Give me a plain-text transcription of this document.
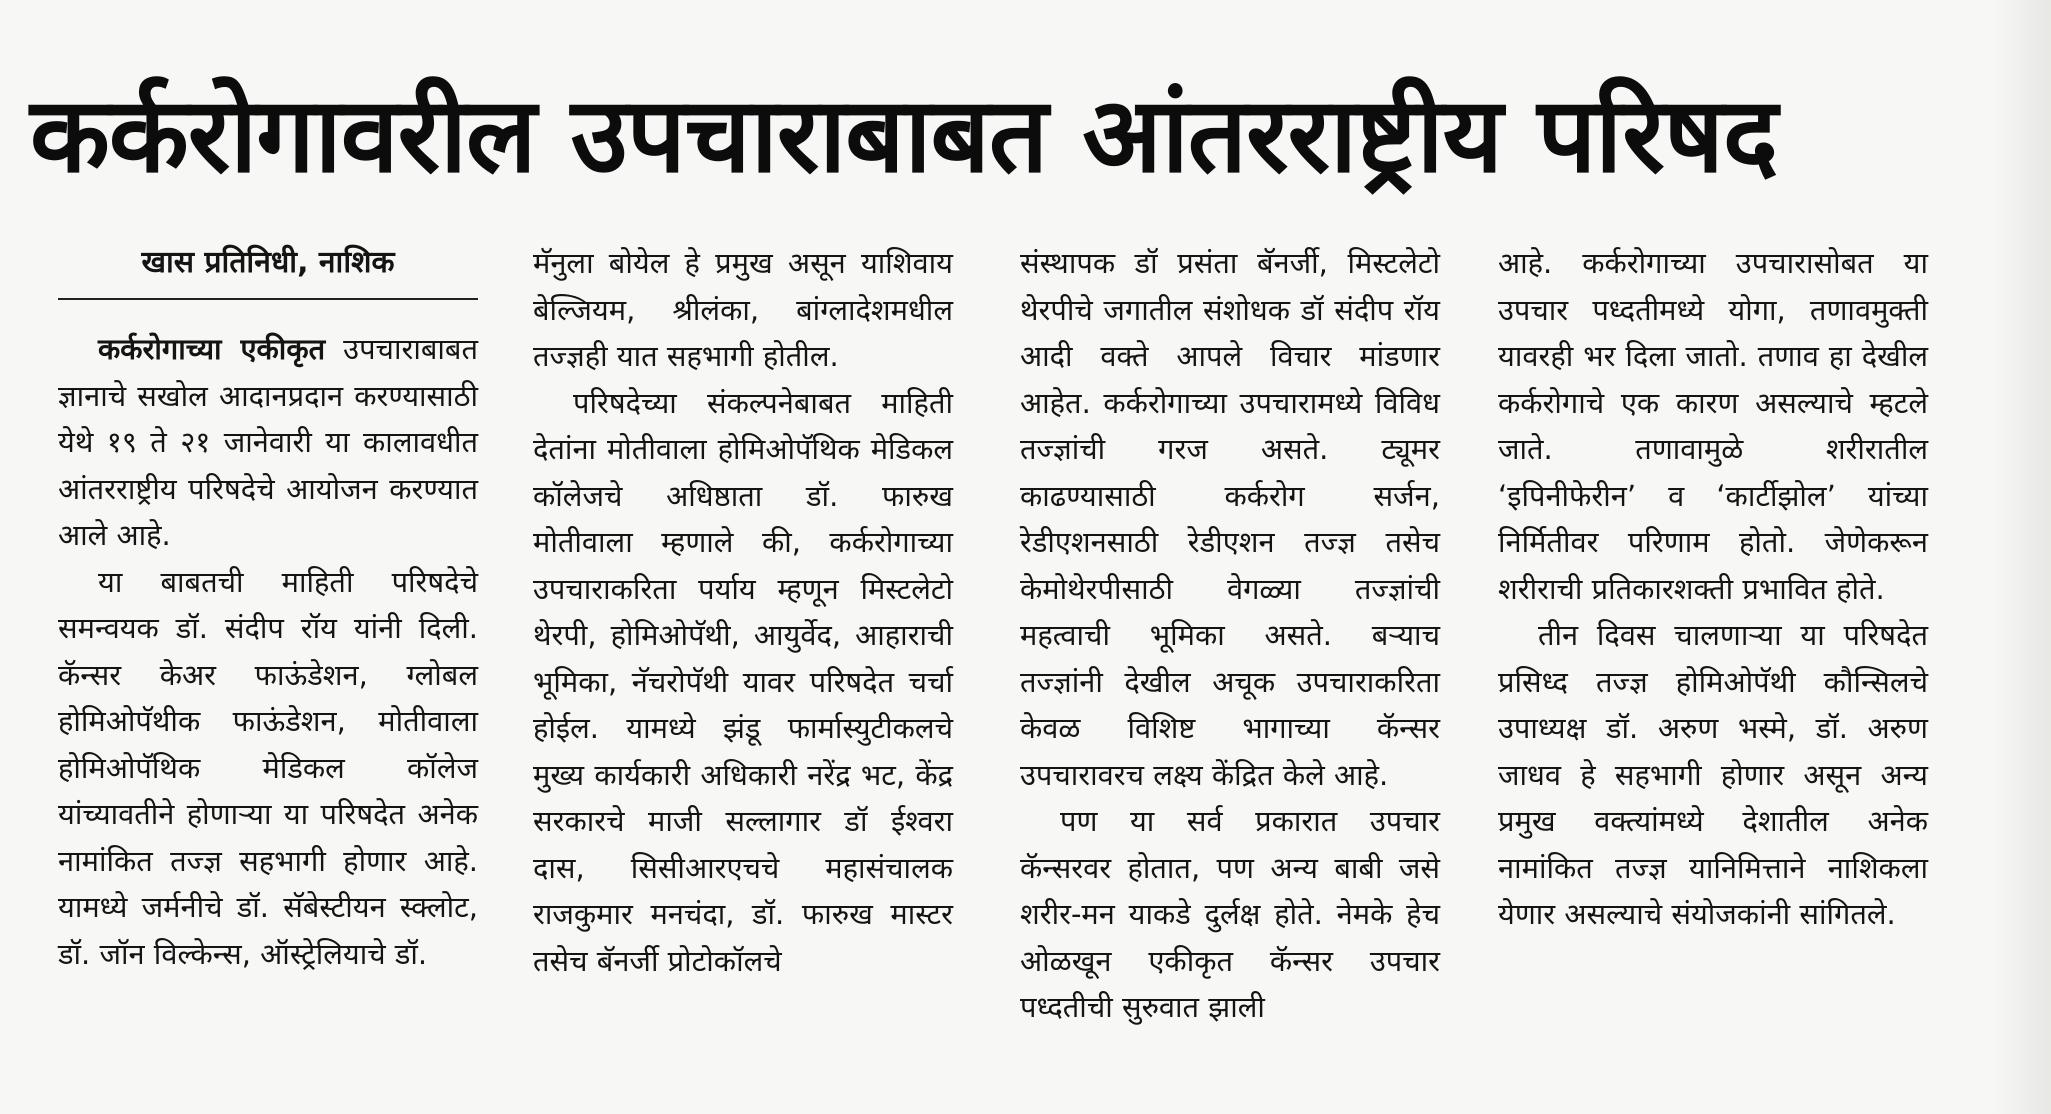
कर्करोगावरील उपचाराबाबत आंतरराष्ट्रीय परिषद
खास प्रतिनिधी, नाशिक

कर्करोगाच्या एकीकृत उपचाराबाबत ज्ञानाचे सखोल आदानप्रदान करण्यासाठी येथे १९ ते २१ जानेवारी या कालावधीत आंतरराष्ट्रीय परिषदेचे आयोजन करण्यात आले आहे.

या बाबतची माहिती परिषदेचे समन्वयक डॉ. संदीप रॉय यांनी दिली. कॅन्सर केअर फाऊंडेशन, ग्लोबल होमिओपॅथीक फाऊंडेशन, मोतीवाला होमिओपॅथिक मेडिकल कॉलेज यांच्यावतीने होणाऱ्या या परिषदेत अनेक नामांकित तज्ज्ञ सहभागी होणार आहे. यामध्ये जर्मनीचे डॉ. सॅबेस्टीयन स्क्लोट, डॉ. जॉन विल्केन्स, ऑस्ट्रेलियाचे डॉ.

मॅनुला बोयेल हे प्रमुख असून याशिवाय बेल्जियम, श्रीलंका, बांग्लादेशमधील तज्ज्ञही यात सहभागी होतील.

परिषदेच्या संकल्पनेबाबत माहिती देतांना मोतीवाला होमिओपॅथिक मेडिकल कॉलेजचे अधिष्ठाता डॉ. फारुख मोतीवाला म्हणाले की, कर्करोगाच्या उपचाराकरिता पर्याय म्हणून मिस्टलेटो थेरपी, होमिओपॅथी, आयुर्वेद, आहाराची भूमिका, नॅचरोपॅथी यावर परिषदेत चर्चा होईल. यामध्ये झंडू फार्मास्युटीकलचे मुख्य कार्यकारी अधिकारी नरेंद्र भट, केंद्र सरकारचे माजी सल्लागार डॉ ईश्वरा दास, सिसीआरएचचे महासंचालक राजकुमार मनचंदा, डॉ. फारुख मास्टर तसेच बॅनर्जी प्रोटोकॉलचे

संस्थापक डॉ प्रसंता बॅनर्जी, मिस्टलेटो थेरपीचे जगातील संशोधक डॉ संदीप रॉय आदी वक्ते आपले विचार मांडणार आहेत. कर्करोगाच्या उपचारामध्ये विविध तज्ज्ञांची गरज असते. ट्यूमर काढण्यासाठी कर्करोग सर्जन, रेडीएशनसाठी रेडीएशन तज्ज्ञ तसेच केमोथेरपीसाठी वेगळ्या तज्ज्ञांची महत्वाची भूमिका असते. बऱ्याच तज्ज्ञांनी देखील अचूक उपचाराकरिता केवळ विशिष्ट भागाच्या कॅन्सर उपचारावरच लक्ष्य केंद्रित केले आहे.

पण या सर्व प्रकारात उपचार कॅन्सरवर होतात, पण अन्य बाबी जसे शरीर-मन याकडे दुर्लक्ष होते. नेमके हेच ओळखून एकीकृत कॅन्सर उपचार पध्दतीची सुरुवात झाली

आहे. कर्करोगाच्या उपचारासोबत या उपचार पध्दतीमध्ये योगा, तणावमुक्ती यावरही भर दिला जातो. तणाव हा देखील कर्करोगाचे एक कारण असल्याचे म्हटले जाते. तणावामुळे शरीरातील ‘इपिनीफेरीन’ व ‘कार्टीझोल’ यांच्या निर्मितीवर परिणाम होतो. जेणेकरून शरीराची प्रतिकारशक्ती प्रभावित होते.

तीन दिवस चालणाऱ्या या परिषदेत प्रसिध्द तज्ज्ञ होमिओपॅथी कौन्सिलचे उपाध्यक्ष डॉ. अरुण भस्मे, डॉ. अरुण जाधव हे सहभागी होणार असून अन्य प्रमुख वक्त्यांमध्ये देशातील अनेक नामांकित तज्ज्ञ यानिमित्ताने नाशिकला येणार असल्याचे संयोजकांनी सांगितले.
